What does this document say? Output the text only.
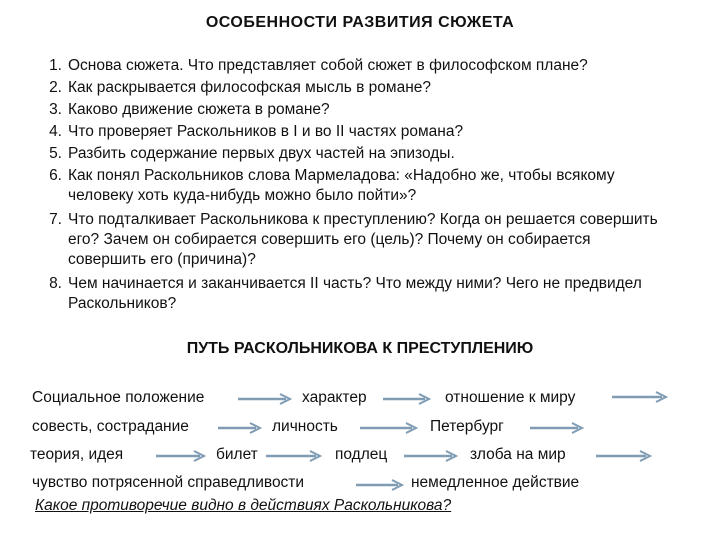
ОСОБЕННОСТИ РАЗВИТИЯ СЮЖЕТА
1. Основа сюжета. Что представляет собой сюжет в философском плане?
2. Как раскрывается философская мысль в романе?
3. Каково движение сюжета в романе?
4. Что проверяет Раскольников в I и во II частях романа?
5. Разбить содержание первых двух частей на эпизоды.
6. Как понял Раскольников слова Мармеладова: «Надобно же, чтобы всякому человеку хоть куда-нибудь можно было пойти»?
7. Что подталкивает Раскольникова к преступлению? Когда он решается совершить его? Зачем он собирается совершить его (цель)? Почему он собирается совершить его (причина)?
8. Чем начинается и заканчивается II часть? Что между ними? Чего не предвидел Раскольников?
ПУТЬ РАСКОЛЬНИКОВА К ПРЕСТУПЛЕНИЮ
Социальное положение	характер	отношение к миру
совесть, сострадание	личность	Петербург
теория, идея	билет	подлец	злоба на мир
чувство потрясенной справедливости	немедленное действие
Какое противоречие видно в действиях Раскольникова?
